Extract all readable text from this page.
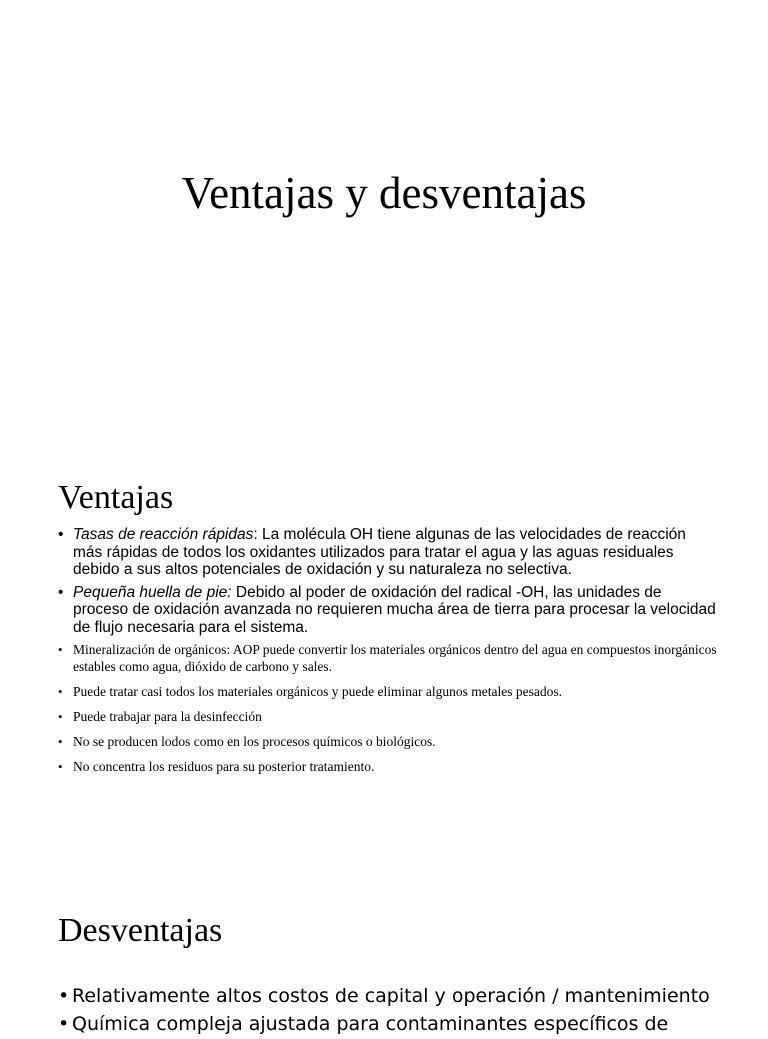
Ventajas y desventajas
Ventajas
• Tasas de reacción rápidas: La molécula OH tiene algunas de las velocidades de reacción más rápidas de todos los oxidantes utilizados para tratar el agua y las aguas residuales debido a sus altos potenciales de oxidación y su naturaleza no selectiva.
• Pequeña huella de pie: Debido al poder de oxidación del radical -OH, las unidades de proceso de oxidación avanzada no requieren mucha área de tierra para procesar la velocidad de flujo necesaria para el sistema.
• Mineralización de orgánicos: AOP puede convertir los materiales orgánicos dentro del agua en compuestos inorgánicos estables como agua, dióxido de carbono y sales.
• Puede tratar casi todos los materiales orgánicos y puede eliminar algunos metales pesados.
• Puede trabajar para la desinfección
• No se producen lodos como en los procesos químicos o biológicos.
• No concentra los residuos para su posterior tratamiento.
Desventajas
• Relativamente altos costos de capital y operación / mantenimiento
• Química compleja ajustada para contaminantes específicos de
